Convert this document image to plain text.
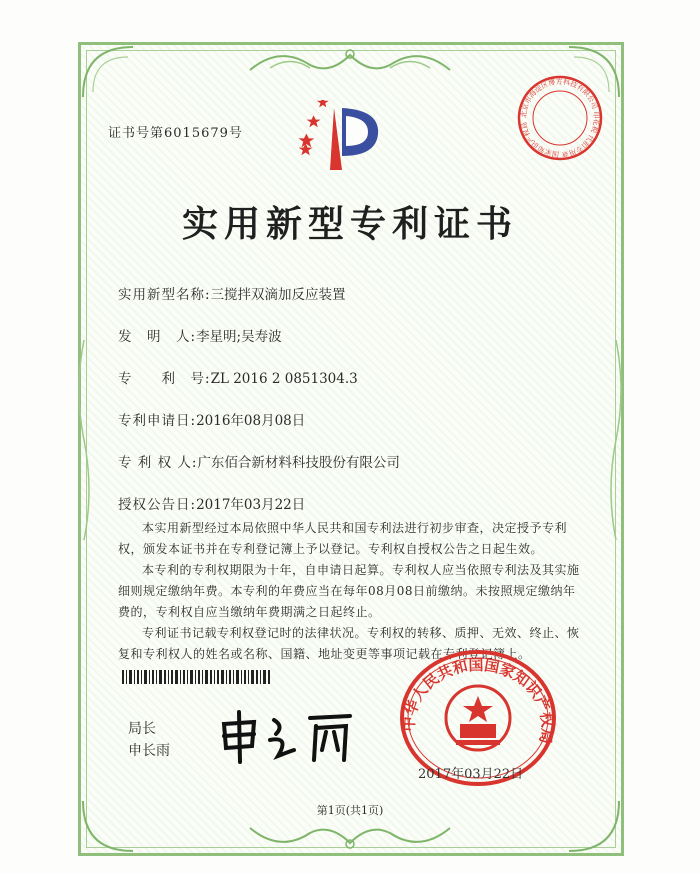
证书号第6015679号
实用新型专利证书
实用新型名称:三搅拌双滴加反应装置
发　明　人:李星明;吴寿波
专　　利　号:ZL 2016 2 0851304.3
专利申请日:2016年08月08日
专 利 权 人:广东佰合新材料科技股份有限公司
授权公告日:2017年03月22日
本实用新型经过本局依照中华人民共和国专利法进行初步审查，决定授予专利权，颁发本证书并在专利登记簿上予以登记。专利权自授权公告之日起生效。
本专利的专利权期限为十年，自申请日起算。专利权人应当依照专利法及其实施细则规定缴纳年费。本专利的年费应当在每年08月08日前缴纳。未按照规定缴纳年费的，专利权自应当缴纳年费期满之日起终止。
专利证书记载专利权登记时的法律状况。专利权的转移、质押、无效、终止、恢复和专利权人的姓名或名称、国籍、地址变更等事项记载在专利登记簿上。
局长
申长雨
中华人民共和国国家知识产权局
2017年03月22日
北京市海淀区博方科技有限公司 印花税 代扣专用章 国家知识产权局
第1页(共1页)
